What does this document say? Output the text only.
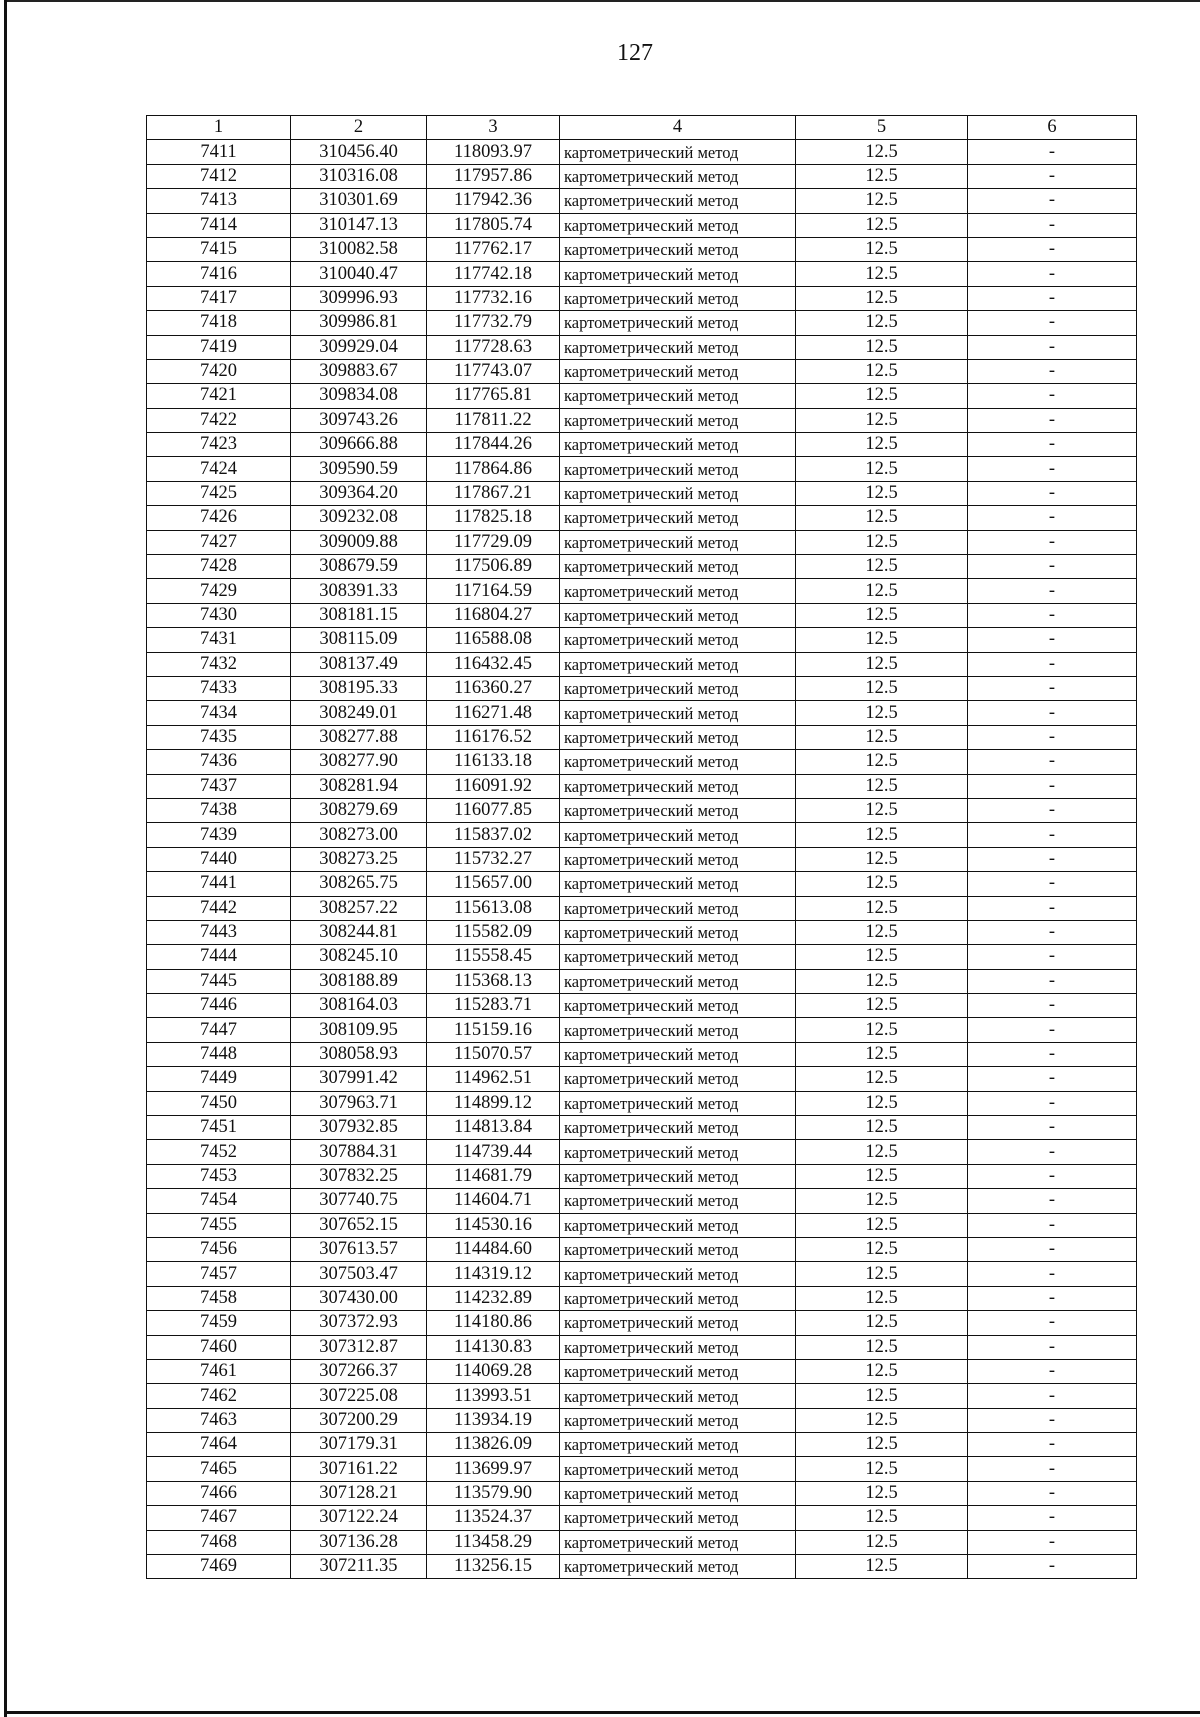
127
1	2	3	4	5	6
7411	310456.40	118093.97	картометрический метод	12.5	-
7412	310316.08	117957.86	картометрический метод	12.5	-
7413	310301.69	117942.36	картометрический метод	12.5	-
7414	310147.13	117805.74	картометрический метод	12.5	-
7415	310082.58	117762.17	картометрический метод	12.5	-
7416	310040.47	117742.18	картометрический метод	12.5	-
7417	309996.93	117732.16	картометрический метод	12.5	-
7418	309986.81	117732.79	картометрический метод	12.5	-
7419	309929.04	117728.63	картометрический метод	12.5	-
7420	309883.67	117743.07	картометрический метод	12.5	-
7421	309834.08	117765.81	картометрический метод	12.5	-
7422	309743.26	117811.22	картометрический метод	12.5	-
7423	309666.88	117844.26	картометрический метод	12.5	-
7424	309590.59	117864.86	картометрический метод	12.5	-
7425	309364.20	117867.21	картометрический метод	12.5	-
7426	309232.08	117825.18	картометрический метод	12.5	-
7427	309009.88	117729.09	картометрический метод	12.5	-
7428	308679.59	117506.89	картометрический метод	12.5	-
7429	308391.33	117164.59	картометрический метод	12.5	-
7430	308181.15	116804.27	картометрический метод	12.5	-
7431	308115.09	116588.08	картометрический метод	12.5	-
7432	308137.49	116432.45	картометрический метод	12.5	-
7433	308195.33	116360.27	картометрический метод	12.5	-
7434	308249.01	116271.48	картометрический метод	12.5	-
7435	308277.88	116176.52	картометрический метод	12.5	-
7436	308277.90	116133.18	картометрический метод	12.5	-
7437	308281.94	116091.92	картометрический метод	12.5	-
7438	308279.69	116077.85	картометрический метод	12.5	-
7439	308273.00	115837.02	картометрический метод	12.5	-
7440	308273.25	115732.27	картометрический метод	12.5	-
7441	308265.75	115657.00	картометрический метод	12.5	-
7442	308257.22	115613.08	картометрический метод	12.5	-
7443	308244.81	115582.09	картометрический метод	12.5	-
7444	308245.10	115558.45	картометрический метод	12.5	-
7445	308188.89	115368.13	картометрический метод	12.5	-
7446	308164.03	115283.71	картометрический метод	12.5	-
7447	308109.95	115159.16	картометрический метод	12.5	-
7448	308058.93	115070.57	картометрический метод	12.5	-
7449	307991.42	114962.51	картометрический метод	12.5	-
7450	307963.71	114899.12	картометрический метод	12.5	-
7451	307932.85	114813.84	картометрический метод	12.5	-
7452	307884.31	114739.44	картометрический метод	12.5	-
7453	307832.25	114681.79	картометрический метод	12.5	-
7454	307740.75	114604.71	картометрический метод	12.5	-
7455	307652.15	114530.16	картометрический метод	12.5	-
7456	307613.57	114484.60	картометрический метод	12.5	-
7457	307503.47	114319.12	картометрический метод	12.5	-
7458	307430.00	114232.89	картометрический метод	12.5	-
7459	307372.93	114180.86	картометрический метод	12.5	-
7460	307312.87	114130.83	картометрический метод	12.5	-
7461	307266.37	114069.28	картометрический метод	12.5	-
7462	307225.08	113993.51	картометрический метод	12.5	-
7463	307200.29	113934.19	картометрический метод	12.5	-
7464	307179.31	113826.09	картометрический метод	12.5	-
7465	307161.22	113699.97	картометрический метод	12.5	-
7466	307128.21	113579.90	картометрический метод	12.5	-
7467	307122.24	113524.37	картометрический метод	12.5	-
7468	307136.28	113458.29	картометрический метод	12.5	-
7469	307211.35	113256.15	картометрический метод	12.5	-
